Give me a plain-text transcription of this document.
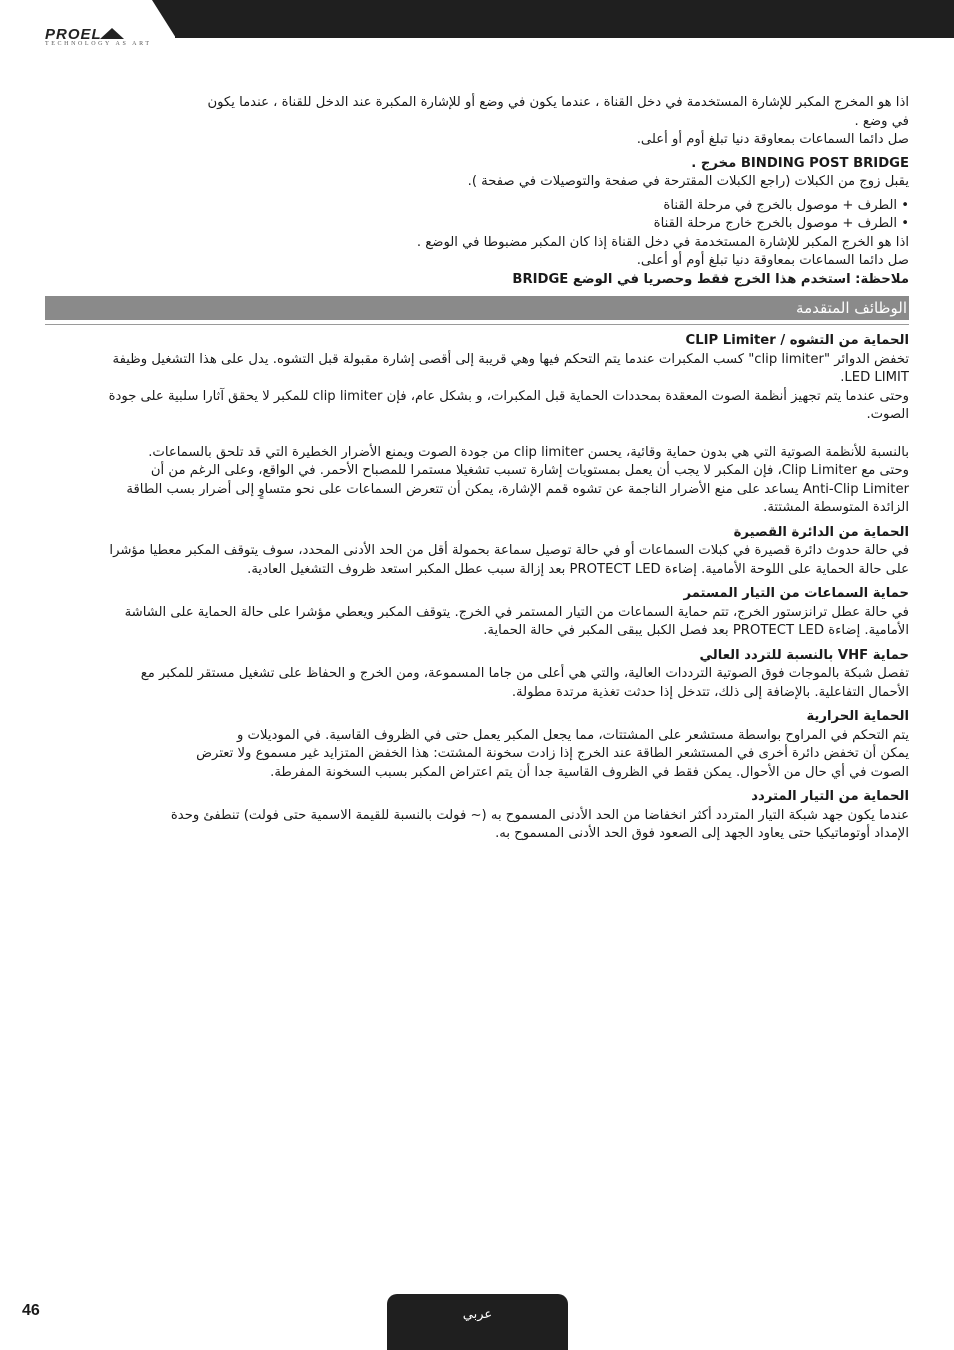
PROEL
TECHNOLOGY AS ART

اذا هو المخرج المكبر للإشارة المستخدمة في دخل القناة ، عندما يكون في وضع أو للإشارة المكبرة عند الدخل للقناة ، عندما يكون

في وضع .

صل دائما السماعات بمعاوقة دنيا تبلغ أوم أو أعلى.

BINDING POST BRIDGE مخرج .

يقبل زوج من الكبلات (راجع الكبلات المقترحة في صفحة والتوصيلات في صفحة ).

• الطرف + موصول بالخرج في مرحلة القناة

• الطرف + موصول بالخرج خارج مرحلة القناة

اذا هو الخرج المكبر للإشارة المستخدمة في دخل القناة إذا كان المكبر مضبوطا في الوضع .

صل دائما السماعات بمعاوقة دنيا تبلغ أوم أو أعلى.

ملاحظة: استخدم هذا الخرج فقط وحصريا في الوضع BRIDGE

الوظائف المتقدمة
الحماية من التشوه / CLIP Limiter

تخفض الدوائر "clip limiter" كسب المكبرات عندما يتم التحكم فيها وهي قريبة إلى أقصى إشارة مقبولة قبل التشوه. يدل على هذا التشغيل وظيفة

LED LIMIT.

وحتى عندما يتم تجهيز أنظمة الصوت المعقدة بمحددات الحماية قبل المكبرات، و بشكل عام، فإن clip limiter للمكبر لا يحقق آثارا سلبية على جودة

الصوت.

بالنسبة للأنظمة الصوتية التي هي بدون حماية وقائية، يحسن clip limiter من جودة الصوت ويمنع الأضرار الخطيرة التي قد تلحق بالسماعات.

وحتى مع Clip Limiter، فإن المكبر لا يجب أن يعمل بمستويات إشارة تسبب تشغيلا مستمرا للمصباح الأحمر. في الواقع، وعلى الرغم من أن

Anti-Clip Limiter يساعد على منع الأضرار الناجمة عن تشوه قمم الإشارة، يمكن أن تتعرض السماعات على نحو متساوٍ إلى أضرار بسب الطاقة

الزائدة المتوسطة المشتتة.

الحماية من الدائرة القصيرة

في حالة حدوث دائرة قصيرة في كبلات السماعات أو في حالة توصيل سماعة بحمولة أقل من الحد الأدنى المحدد، سوف يتوقف المكبر معطيا مؤشرا

على حالة الحماية على اللوحة الأمامية. إضاءة PROTECT LED بعد إزالة سبب عطل المكبر استعد ظروف التشغيل العادية.

حماية السماعات من التيار المستمر

في حالة عطل ترانزستور الخرج، تتم حماية السماعات من التيار المستمر في الخرج. يتوقف المكبر ويعطي مؤشرا على حالة الحماية على الشاشة

الأمامية. إضاءة PROTECT LED بعد فصل الكبل يبقى المكبر في حالة الحماية.

حماية VHF بالنسبة للتردد العالي

تفصل شبكة بالموجات فوق الصوتية الترددات العالية، والتي هي أعلى من جاما المسموعة، ومن الخرج و الحفاظ على تشغيل مستقر للمكبر مع

الأحمال التفاعلية. بالإضافة إلى ذلك، تتدخل إذا حدثت تغذية مرتدة مطولة.

الحماية الحرارية

يتم التحكم في المراوح بواسطة مستشعر على المشتتات، مما يجعل المكبر يعمل حتى في الظروف القاسية. في الموديلات و

يمكن أن تخفض دائرة أخرى في المستشعر الطاقة عند الخرج إذا زادت سخونة المشتت: هذا الخفض المتزايد غير مسموع ولا تعترض

الصوت في أي حال من الأحوال. يمكن فقط في الظروف القاسية جدا أن يتم اعتراض المكبر بسبب السخونة المفرطة.

الحماية من التيار المتردد

عندما يكون جهد شبكة التيار المتردد أكثر انخفاضا من الحد الأدنى المسموح به (~ فولت بالنسبة للقيمة الاسمية حتى فولت) تنطفئ وحدة

الإمداد أوتوماتيكيا حتى يعاود الجهد إلى الصعود فوق الحد الأدنى المسموح به.

46	عربي
